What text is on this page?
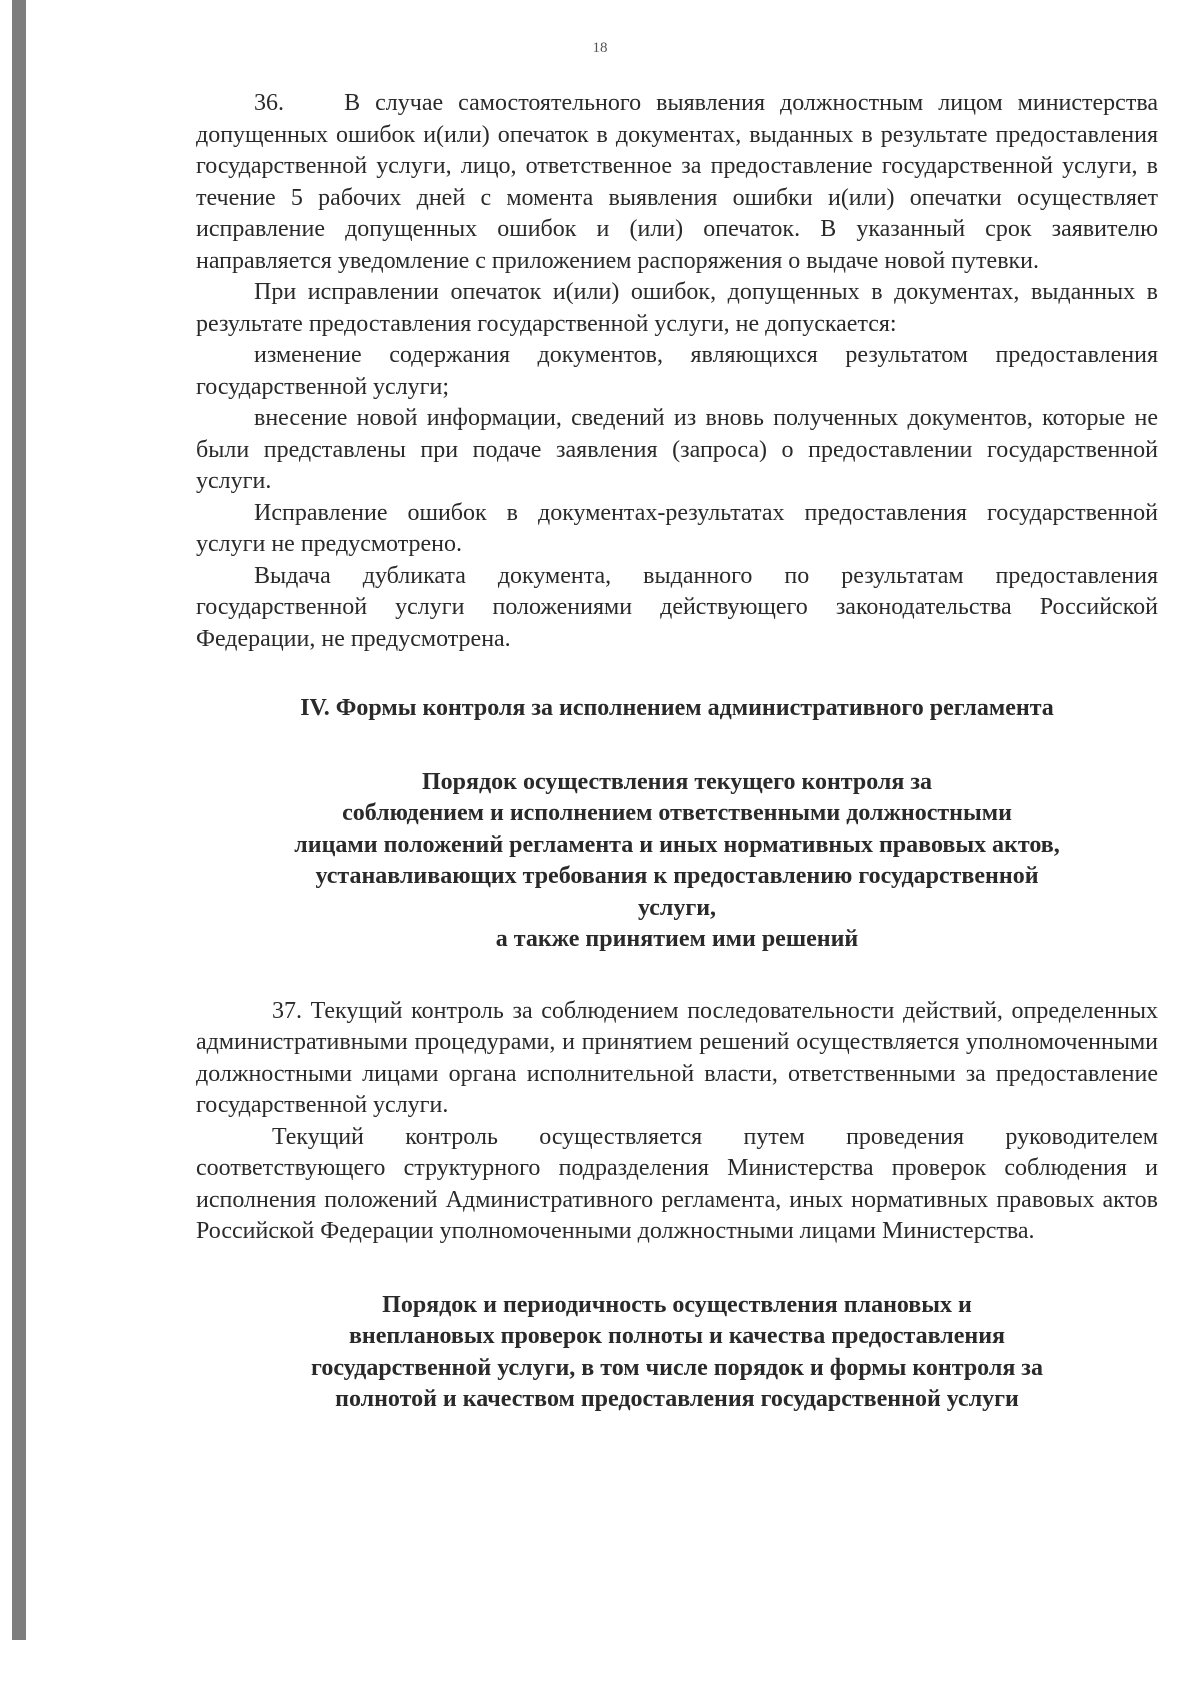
18

36.    В случае самостоятельного выявления должностным лицом министерства допущенных ошибок и(или) опечаток в документах, выданных в результате предоставления государственной услуги, лицо, ответственное за предоставление государственной услуги, в течение 5 рабочих дней с момента выявления ошибки и(или) опечатки осуществляет исправление допущенных ошибок и (или) опечаток. В указанный срок заявителю направляется уведомление с приложением распоряжения о выдаче новой путевки.

При исправлении опечаток и(или) ошибок, допущенных в документах, выданных в результате предоставления государственной услуги, не допускается:

изменение содержания документов, являющихся результатом предоставления государственной услуги;

внесение новой информации, сведений из вновь полученных документов, которые не были представлены при подаче заявления (запроса) о предоставлении государственной услуги.

Исправление ошибок в документах-результатах предоставления государственной услуги не предусмотрено.

Выдача дубликата документа, выданного по результатам предоставления государственной услуги положениями действующего законодательства Российской Федерации, не предусмотрена.

IV. Формы контроля за исполнением административного регламента
Порядок осуществления текущего контроля за
соблюдением и исполнением ответственными должностными
лицами положений регламента и иных нормативных правовых актов,
устанавливающих требования к предоставлению государственной
услуги,
а также принятием ими решений

37. Текущий контроль за соблюдением последовательности действий, определенных административными процедурами, и принятием решений осуществляется уполномоченными должностными лицами органа исполнительной власти, ответственными за предоставление государственной услуги.

Текущий контроль осуществляется путем проведения руководителем соответствующего структурного подразделения Министерства проверок соблюдения и исполнения положений Административного регламента, иных нормативных правовых актов Российской Федерации уполномоченными должностными лицами Министерства.

Порядок и периодичность осуществления плановых и
внеплановых проверок полноты и качества предоставления
государственной услуги, в том числе порядок и формы контроля за
полнотой и качеством предоставления государственной услуги
